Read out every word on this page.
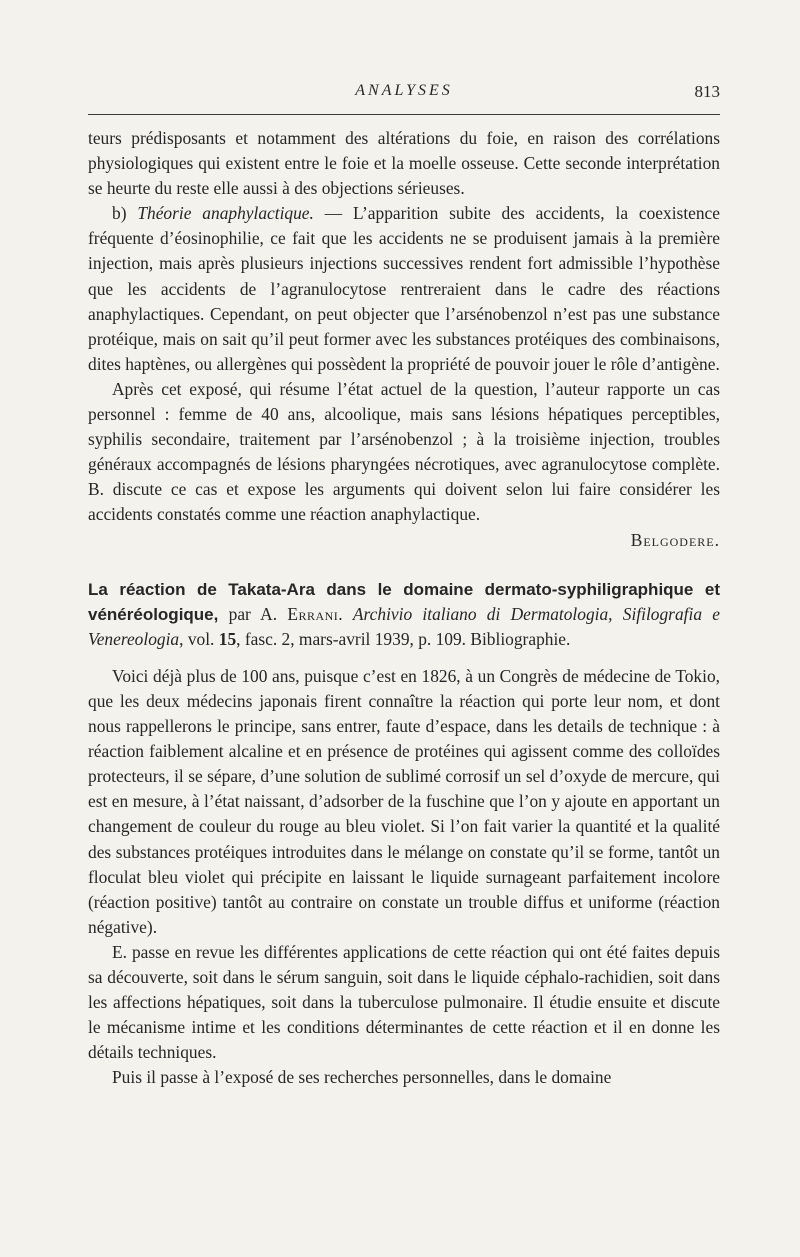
ANALYSES	813

teurs prédisposants et notamment des altérations du foie, en raison des corrélations physiologiques qui existent entre le foie et la moelle osseuse. Cette seconde interprétation se heurte du reste elle aussi à des objections sérieuses.

b) Théorie anaphylactique. — L’apparition subite des accidents, la coexistence fréquente d’éosinophilie, ce fait que les accidents ne se produisent jamais à la première injection, mais après plusieurs injections successives rendent fort admissible l’hypothèse que les accidents de l’agranulocytose rentreraient dans le cadre des réactions anaphylactiques. Cependant, on peut objecter que l’arsénobenzol n’est pas une substance protéique, mais on sait qu’il peut former avec les substances protéiques des combinaisons, dites haptènes, ou allergènes qui possèdent la propriété de pouvoir jouer le rôle d’antigène.

Après cet exposé, qui résume l’état actuel de la question, l’auteur rapporte un cas personnel : femme de 40 ans, alcoolique, mais sans lésions hépatiques perceptibles, syphilis secondaire, traitement par l’arsénobenzol ; à la troisième injection, troubles généraux accompagnés de lésions pharyngées nécrotiques, avec agranulocytose complète. B. discute ce cas et expose les arguments qui doivent selon lui faire considérer les accidents constatés comme une réaction anaphylactique.

Belgodere.

La réaction de Takata-Ara dans le domaine dermato-syphiligraphique et vénéréologique, par A. Errani. Archivio italiano di Dermatologia, Sifilografia e Venereologia, vol. 15, fasc. 2, mars-avril 1939, p. 109. Bibliographie.

Voici déjà plus de 100 ans, puisque c’est en 1826, à un Congrès de médecine de Tokio, que les deux médecins japonais firent connaître la réaction qui porte leur nom, et dont nous rappellerons le principe, sans entrer, faute d’espace, dans les details de technique : à réaction faiblement alcaline et en présence de protéines qui agissent comme des colloïdes protecteurs, il se sépare, d’une solution de sublimé corrosif un sel d’oxyde de mercure, qui est en mesure, à l’état naissant, d’adsorber de la fuschine que l’on y ajoute en apportant un changement de couleur du rouge au bleu violet. Si l’on fait varier la quantité et la qualité des substances protéiques introduites dans le mélange on constate qu’il se forme, tantôt un floculat bleu violet qui précipite en laissant le liquide surnageant parfaitement incolore (réaction positive) tantôt au contraire on constate un trouble diffus et uniforme (réaction négative).

E. passe en revue les différentes applications de cette réaction qui ont été faites depuis sa découverte, soit dans le sérum sanguin, soit dans le liquide céphalo-rachidien, soit dans les affections hépatiques, soit dans la tuberculose pulmonaire. Il étudie ensuite et discute le mécanisme intime et les conditions déterminantes de cette réaction et il en donne les détails techniques.

Puis il passe à l’exposé de ses recherches personnelles, dans le domaine
